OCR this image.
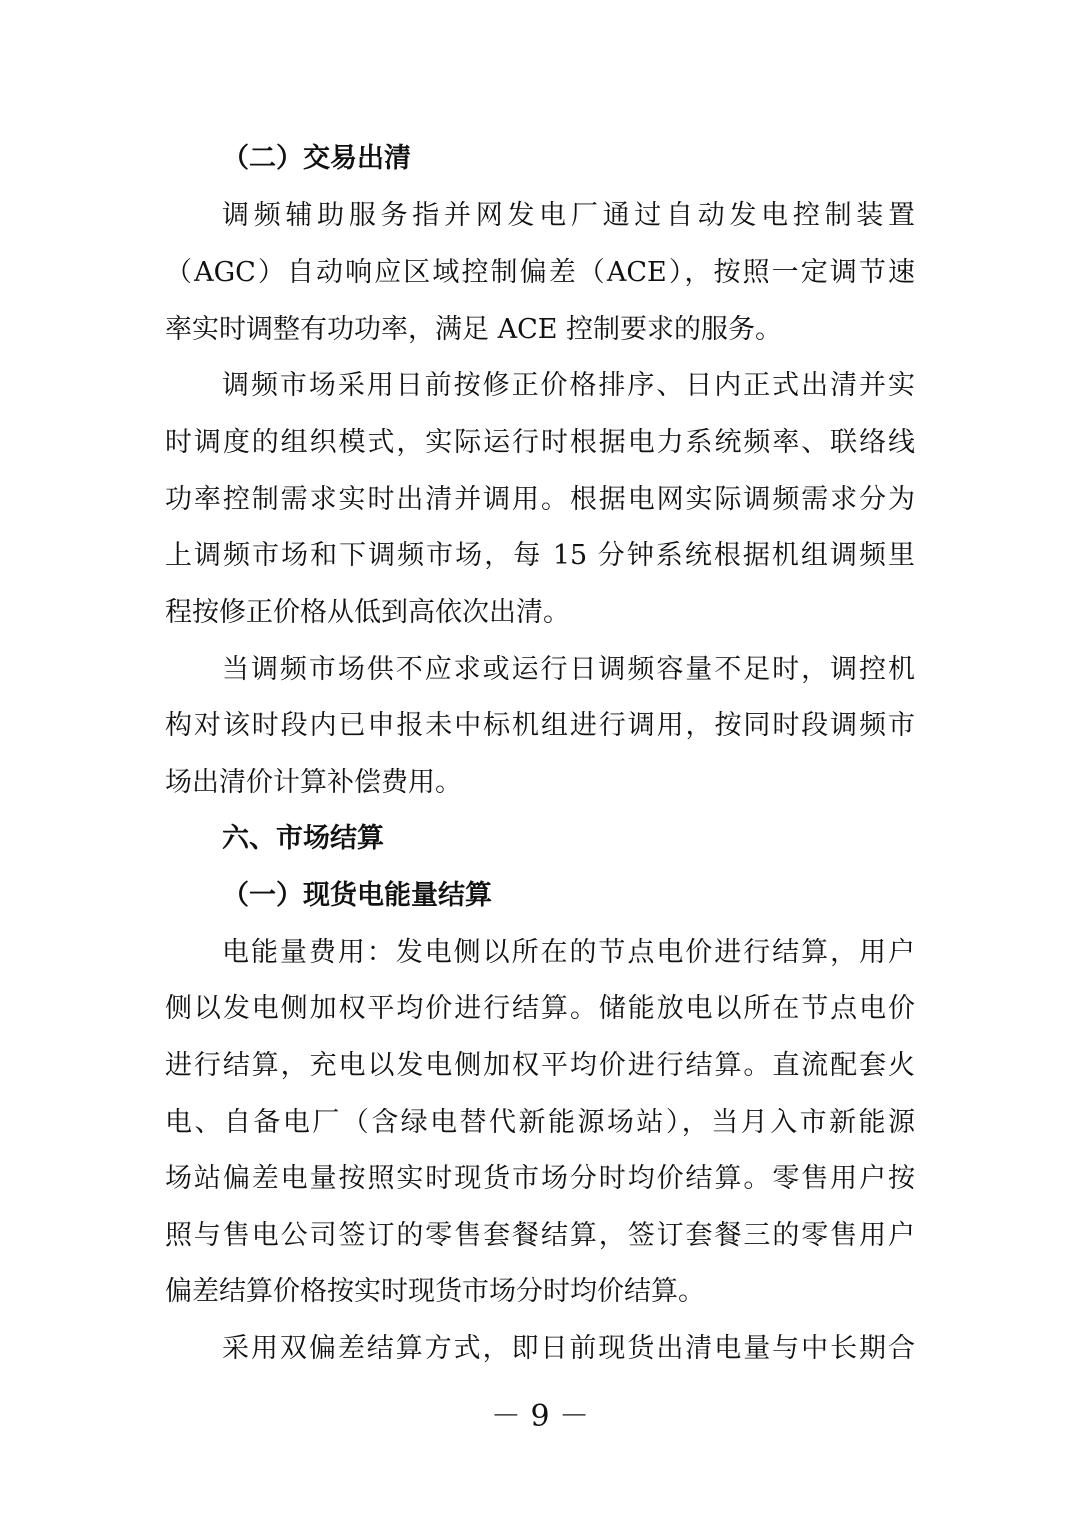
（二）交易出清
调频辅助服务指并网发电厂通过自动发电控制装置
（AGC）自动响应区域控制偏差（ACE），按照一定调节速
率实时调整有功功率，满足 ACE 控制要求的服务。
调频市场采用日前按修正价格排序、日内正式出清并实
时调度的组织模式，实际运行时根据电力系统频率、联络线
功率控制需求实时出清并调用。根据电网实际调频需求分为
上调频市场和下调频市场，每 15 分钟系统根据机组调频里
程按修正价格从低到高依次出清。
当调频市场供不应求或运行日调频容量不足时，调控机
构对该时段内已申报未中标机组进行调用，按同时段调频市
场出清价计算补偿费用。
六、市场结算
（一）现货电能量结算
电能量费用：发电侧以所在的节点电价进行结算，用户
侧以发电侧加权平均价进行结算。储能放电以所在节点电价
进行结算，充电以发电侧加权平均价进行结算。直流配套火
电、自备电厂（含绿电替代新能源场站），当月入市新能源
场站偏差电量按照实时现货市场分时均价结算。零售用户按
照与售电公司签订的零售套餐结算，签订套餐三的零售用户
偏差结算价格按实时现货市场分时均价结算。
采用双偏差结算方式，即日前现货出清电量与中长期合
－ 9 －
